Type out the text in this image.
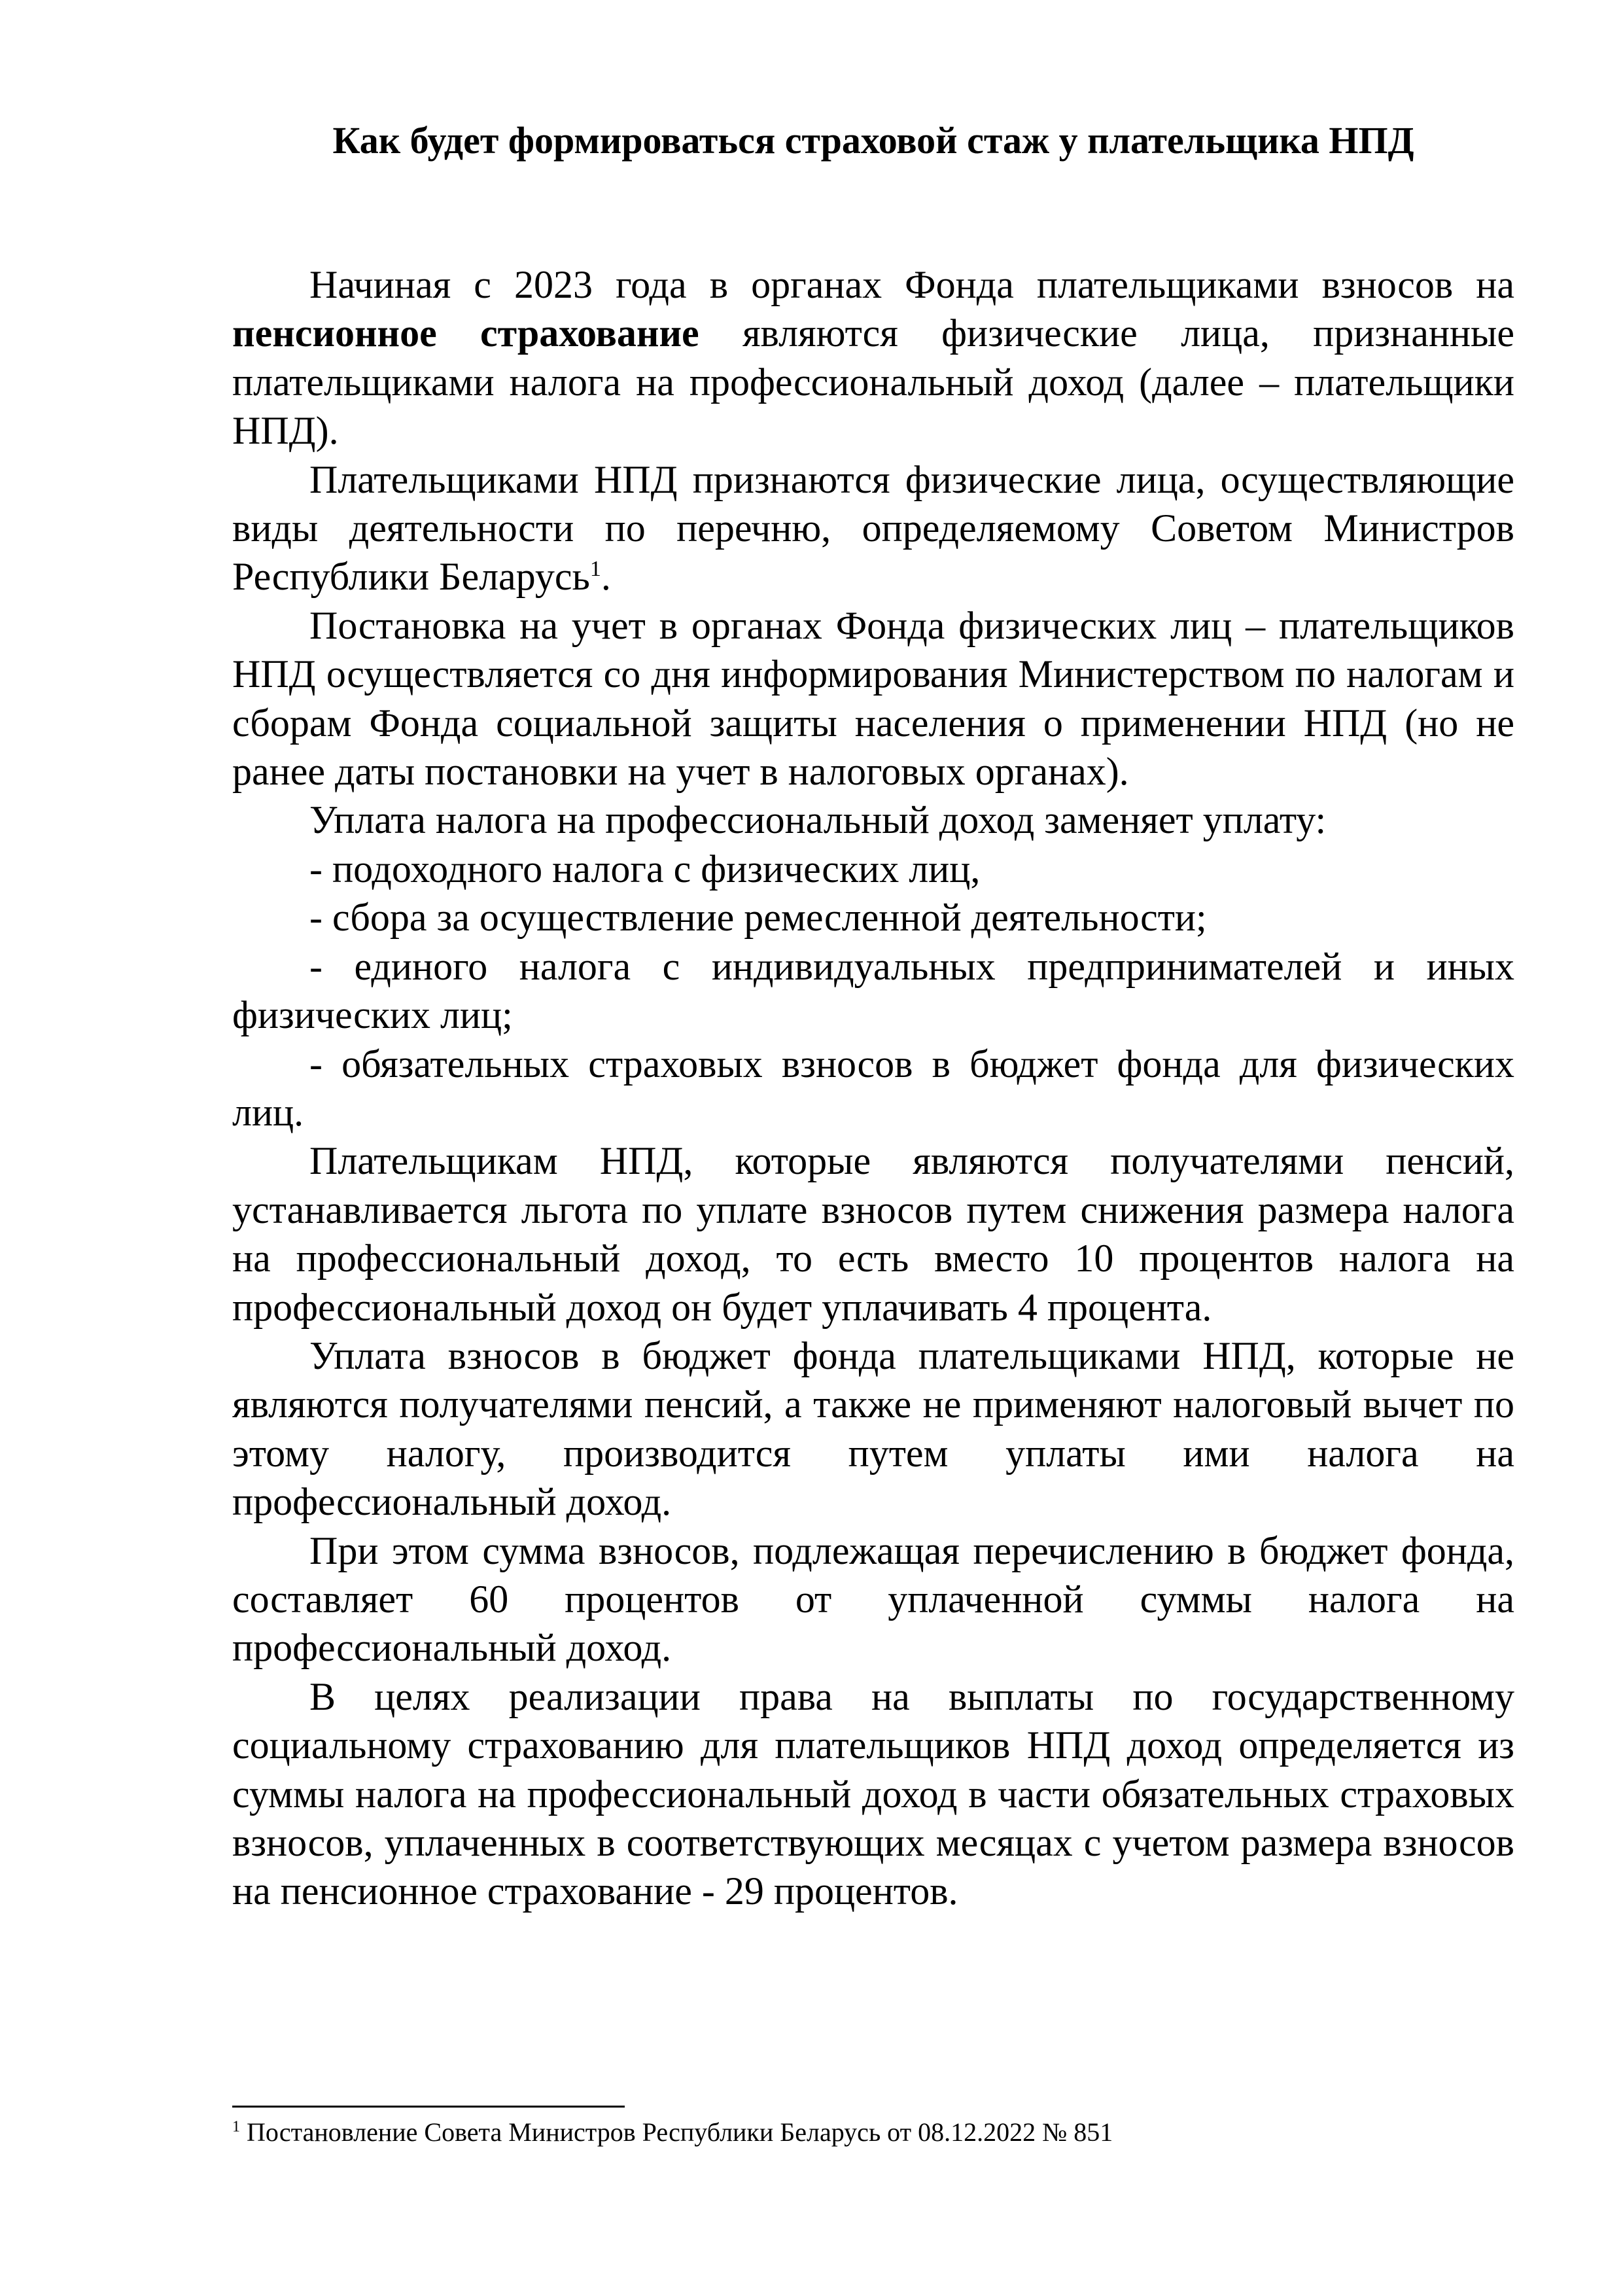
Как будет формироваться страховой стаж у плательщика НПД

Начиная с 2023 года в органах Фонда плательщиками взносов на пенсионное страхование являются физические лица, признанные плательщиками налога на профессиональный доход (далее – плательщики НПД).

Плательщиками НПД признаются физические лица, осуществляющие виды деятельности по перечню, определяемому Советом Министров Республики Беларусь$^1$.

Постановка на учет в органах Фонда физических лиц – плательщиков НПД осуществляется со дня информирования Министерством по налогам и сборам Фонда социальной защиты населения о применении НПД (но не ранее даты постановки на учет в налоговых органах).

Уплата налога на профессиональный доход заменяет уплату:

- подоходного налога с физических лиц,

- сбора за осуществление ремесленной деятельности;

- единого налога с индивидуальных предпринимателей и иных физических лиц;

- обязательных страховых взносов в бюджет фонда для физических лиц.

Плательщикам НПД, которые являются получателями пенсий, устанавливается льгота по уплате взносов путем снижения размера налога на профессиональный доход, то есть вместо 10 процентов налога на профессиональный доход он будет уплачивать 4 процента.

Уплата взносов в бюджет фонда плательщиками НПД, которые не являются получателями пенсий, а также не применяют налоговый вычет по этому налогу, производится путем уплаты ими налога на профессиональный доход.

При этом сумма взносов, подлежащая перечислению в бюджет фонда, составляет 60 процентов от уплаченной суммы налога на профессиональный доход.

В целях реализации права на выплаты по государственному социальному страхованию для плательщиков НПД доход определяется из суммы налога на профессиональный доход в части обязательных страховых взносов, уплаченных в соответствующих месяцах с учетом размера взносов на пенсионное страхование - 29 процентов.

$^1$ Постановление Совета Министров Республики Беларусь от 08.12.2022 № 851
